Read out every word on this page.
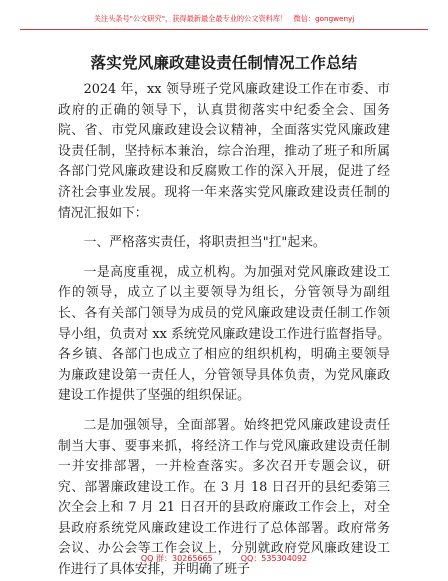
关注头条号"公文研究"，获得最新最全最专业的公文资料库！ 微信：gongwenyj
落实党风廉政建设责任制情况工作总结

2024 年，xx 领导班子党风廉政建设工作在市委、市政府的正确的领导下，认真贯彻落实中纪委全会、国务院、省、市党风廉政建设会议精神，全面落实党风廉政建设责任制，坚持标本兼治，综合治理，推动了班子和所属各部门党风廉政建设和反腐败工作的深入开展，促进了经济社会事业发展。现将一年来落实党风廉政建设责任制的情况汇报如下：

一、严格落实责任，将职责担当"扛"起来。

一是高度重视，成立机构。为加强对党风廉政建设工作的领导，成立了以主要领导为组长，分管领导为副组长、各有关部门领导为成员的党风廉政建设责任制工作领导小组，负责对 xx 系统党风廉政建设工作进行监督指导。各乡镇、各部门也成立了相应的组织机构，明确主要领导为廉政建设第一责任人，分管领导具体负责，为党风廉政建设工作提供了坚强的组织保证。

二是加强领导，全面部署。始终把党风廉政建设责任制当大事、要事来抓，将经济工作与党风廉政建设责任制一并安排部署，一并检查落实。多次召开专题会议，研究、部署廉政建设工作。在 3 月 18 日召开的县纪委第三次全会上和 7 月 21 日召开的县政府廉政工作会上，对全县政府系统党风廉政建设工作进行了总体部署。政府常务会议、办公会等工作会议上，分别就政府党风廉政建设工作进行了具体安排，并明确了班子

QQ 群：30265665	QQ：535304092
